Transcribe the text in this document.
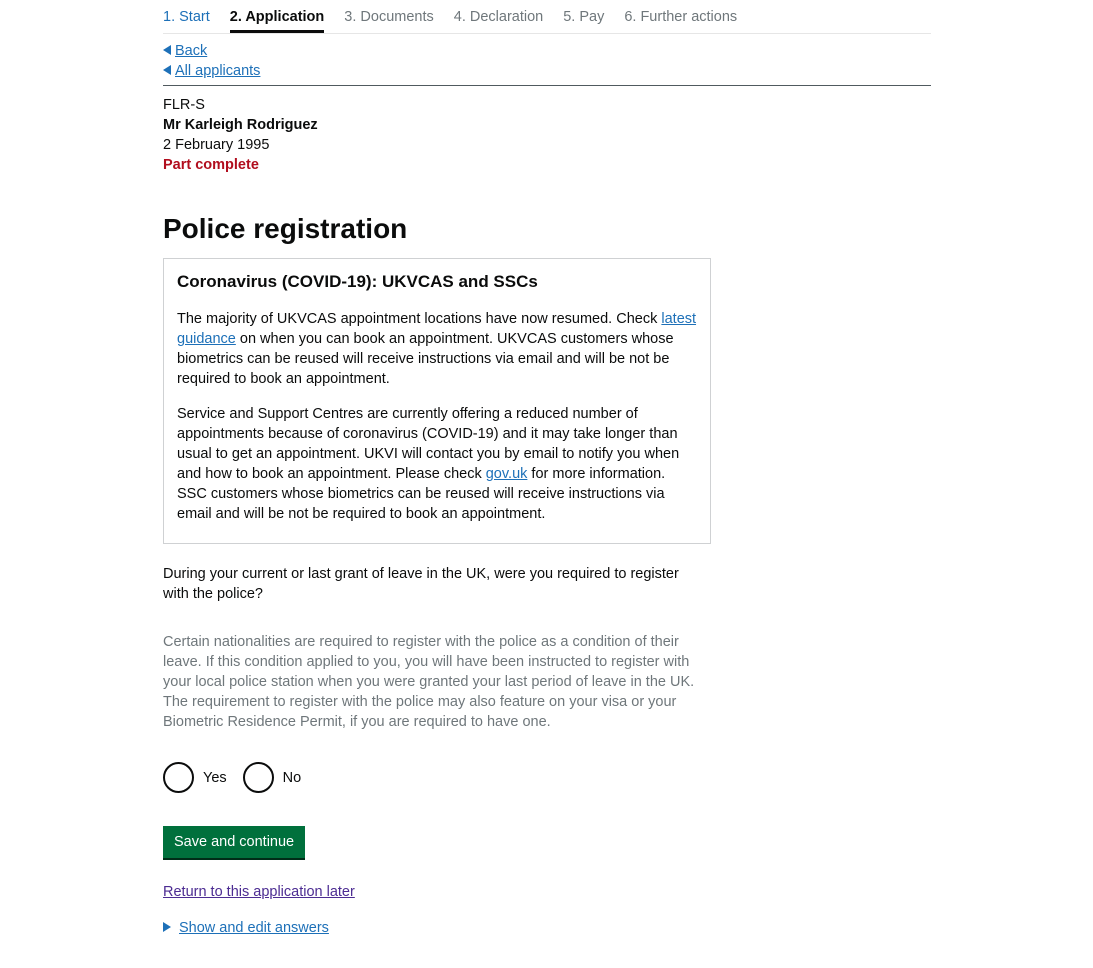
1. Start 2. Application 3. Documents 4. Declaration 5. Pay 6. Further actions
Back
All applicants
FLR-S
Mr Karleigh Rodriguez
2 February 1995
Part complete
Police registration
Coronavirus (COVID-19): UKVCAS and SSCs

The majority of UKVCAS appointment locations have now resumed. Check latest guidance on when you can book an appointment. UKVCAS customers whose biometrics can be reused will receive instructions via email and will be not be required to book an appointment.

Service and Support Centres are currently offering a reduced number of appointments because of coronavirus (COVID-19) and it may take longer than usual to get an appointment. UKVI will contact you by email to notify you when and how to book an appointment. Please check gov.uk for more information. SSC customers whose biometrics can be reused will receive instructions via email and will be not be required to book an appointment.

During your current or last grant of leave in the UK, were you required to register with the police?
Certain nationalities are required to register with the police as a condition of their leave. If this condition applied to you, you will have been instructed to register with your local police station when you were granted your last period of leave in the UK. The requirement to register with the police may also feature on your visa or your Biometric Residence Permit, if you are required to have one.
Yes	No
Save and continue
Return to this application later
Show and edit answers
